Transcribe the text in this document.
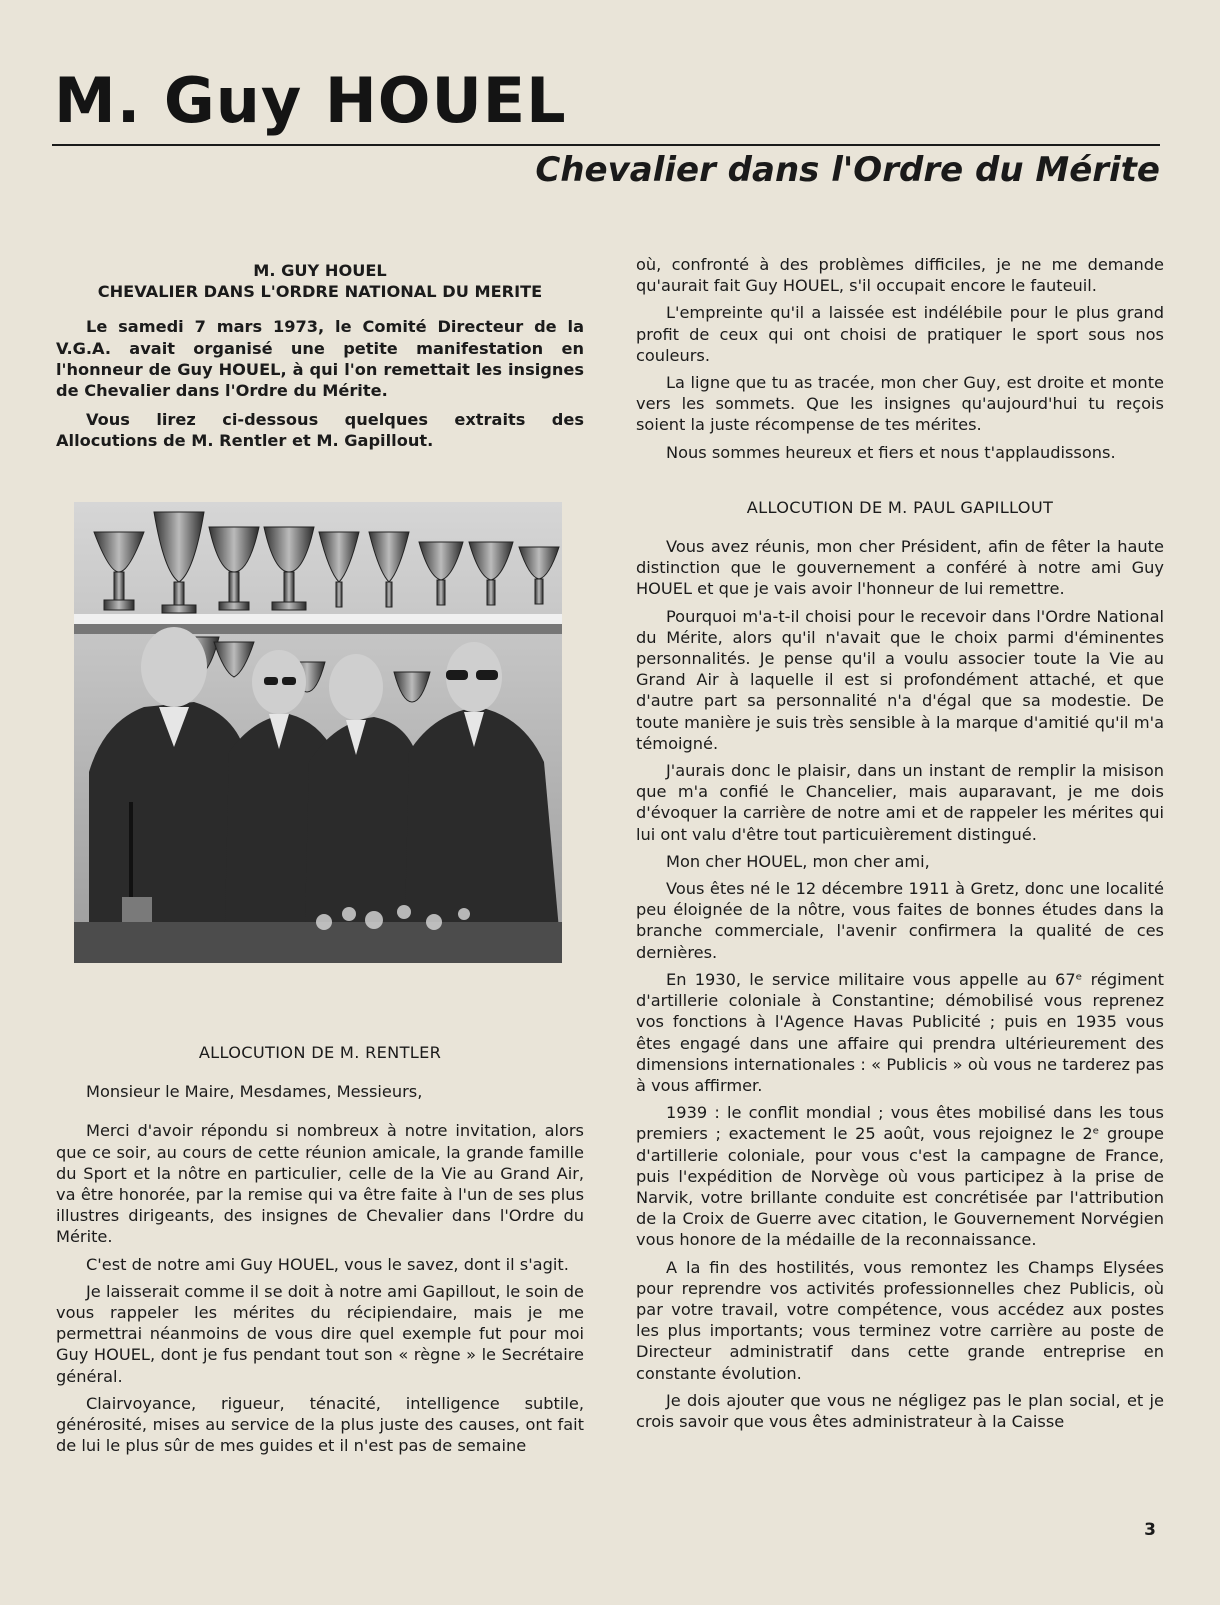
M. Guy HOUEL
Chevalier dans l'Ordre du Mérite
M. GUY HOUEL
CHEVALIER DANS L'ORDRE NATIONAL DU MERITE

Le samedi 7 mars 1973, le Comité Directeur de la V.G.A. avait organisé une petite manifestation en l'honneur de Guy HOUEL, à qui l'on remettait les insignes de Chevalier dans l'Ordre du Mérite.

Vous lirez ci-dessous quelques extraits des Allocutions de M. Rentler et M. Gapillout.

ALLOCUTION DE M. RENTLER

Monsieur le Maire, Mesdames, Messieurs,

Merci d'avoir répondu si nombreux à notre invitation, alors que ce soir, au cours de cette réunion amicale, la grande famille du Sport et la nôtre en particulier, celle de la Vie au Grand Air, va être honorée, par la remise qui va être faite à l'un de ses plus illustres dirigeants, des insignes de Chevalier dans l'Ordre du Mérite.

C'est de notre ami Guy HOUEL, vous le savez, dont il s'agit.

Je laisserait comme il se doit à notre ami Gapillout, le soin de vous rappeler les mérites du récipiendaire, mais je me permettrai néanmoins de vous dire quel exemple fut pour moi Guy HOUEL, dont je fus pendant tout son « règne » le Secrétaire général.

Clairvoyance, rigueur, ténacité, intelligence subtile, générosité, mises au service de la plus juste des causes, ont fait de lui le plus sûr de mes guides et il n'est pas de semaine

où, confronté à des problèmes difficiles, je ne me demande qu'aurait fait Guy HOUEL, s'il occupait encore le fauteuil.

L'empreinte qu'il a laissée est indélébile pour le plus grand profit de ceux qui ont choisi de pratiquer le sport sous nos couleurs.

La ligne que tu as tracée, mon cher Guy, est droite et monte vers les sommets. Que les insignes qu'aujourd'hui tu reçois soient la juste récompense de tes mérites.

Nous sommes heureux et fiers et nous t'applaudissons.

ALLOCUTION DE M. PAUL GAPILLOUT

Vous avez réunis, mon cher Président, afin de fêter la haute distinction que le gouvernement a conféré à notre ami Guy HOUEL et que je vais avoir l'honneur de lui remettre.

Pourquoi m'a-t-il choisi pour le recevoir dans l'Ordre National du Mérite, alors qu'il n'avait que le choix parmi d'éminentes personnalités. Je pense qu'il a voulu associer toute la Vie au Grand Air à laquelle il est si profondément attaché, et que d'autre part sa personnalité n'a d'égal que sa modestie. De toute manière je suis très sensible à la marque d'amitié qu'il m'a témoigné.

J'aurais donc le plaisir, dans un instant de remplir la misison que m'a confié le Chancelier, mais auparavant, je me dois d'évoquer la carrière de notre ami et de rappeler les mérites qui lui ont valu d'être tout particuièrement distingué.

Mon cher HOUEL, mon cher ami,

Vous êtes né le 12 décembre 1911 à Gretz, donc une localité peu éloignée de la nôtre, vous faites de bonnes études dans la branche commerciale, l'avenir confirmera la qualité de ces dernières.

En 1930, le service militaire vous appelle au 67ᵉ régiment d'artillerie coloniale à Constantine; démobilisé vous reprenez vos fonctions à l'Agence Havas Publicité ; puis en 1935 vous êtes engagé dans une affaire qui prendra ultérieurement des dimensions internationales : « Publicis » où vous ne tarderez pas à vous affirmer.

1939 : le conflit mondial ; vous êtes mobilisé dans les tous premiers ; exactement le 25 août, vous rejoignez le 2ᵉ groupe d'artillerie coloniale, pour vous c'est la campagne de France, puis l'expédition de Norvège où vous participez à la prise de Narvik, votre brillante conduite est concrétisée par l'attribution de la Croix de Guerre avec citation, le Gouvernement Norvégien vous honore de la médaille de la reconnaissance.

A la fin des hostilités, vous remontez les Champs Elysées pour reprendre vos activités professionnelles chez Publicis, où par votre travail, votre compétence, vous accédez aux postes les plus importants; vous terminez votre carrière au poste de Directeur administratif dans cette grande entreprise en constante évolution.

Je dois ajouter que vous ne négligez pas le plan social, et je crois savoir que vous êtes administrateur à la Caisse

3
